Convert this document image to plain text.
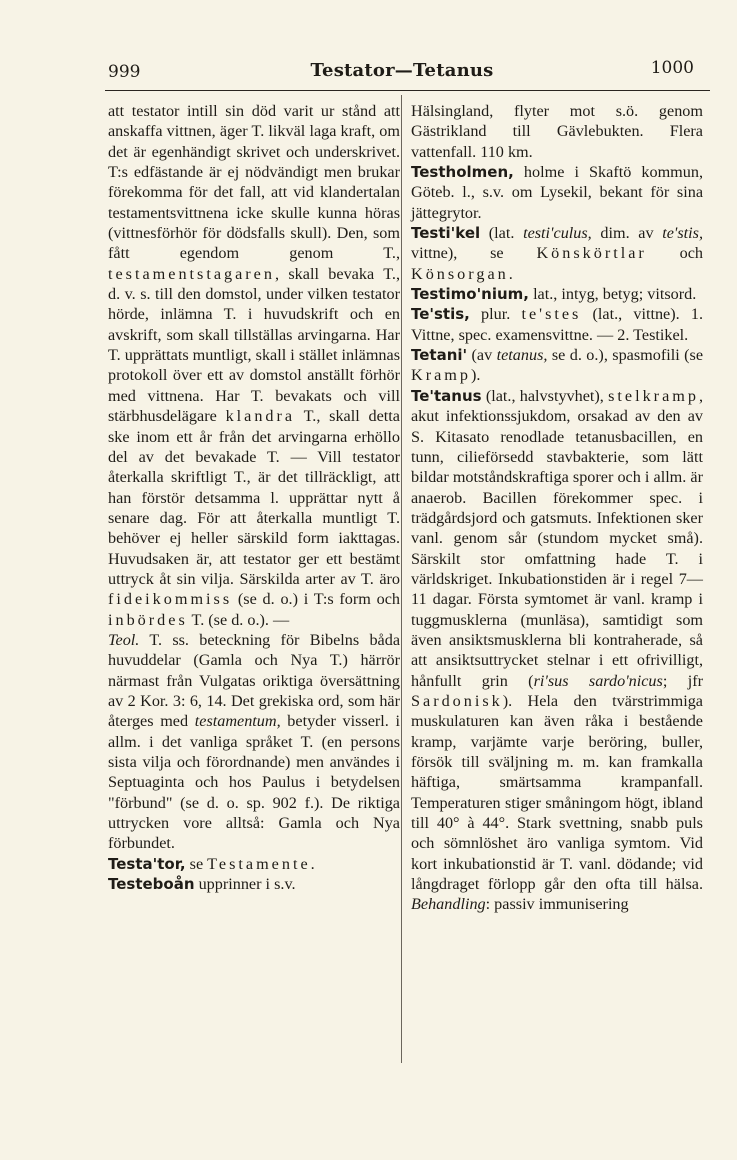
999	Testator—Tetanus	1000

att testator intill sin död varit ur stånd att anskaffa vittnen, äger T. likväl laga kraft, om det är egenhändigt skrivet och underskrivet. T:s edfästande är ej nödvändigt men brukar förekomma för det fall, att vid klandertalan testamentsvittnena icke skulle kunna höras (vittnesförhör för dödsfalls skull). Den, som fått egendom genom T., testamentstagaren, skall bevaka T., d. v. s. till den domstol, under vilken testator hörde, inlämna T. i huvudskrift och en avskrift, som skall tillställas arvingarna. Har T. upprättats muntligt, skall i stället inlämnas protokoll över ett av domstol anställt förhör med vittnena. Har T. bevakats och vill stärbhusdelägare klandra T., skall detta ske inom ett år från det arvingarna erhöllo del av det bevakade T. — Vill testator återkalla skriftligt T., är det tillräckligt, att han förstör detsamma l. upprättar nytt å senare dag. För att återkalla muntligt T. behöver ej heller särskild form iakttagas. Huvudsaken är, att testator ger ett bestämt uttryck åt sin vilja. Särskilda arter av T. äro fideikommiss (se d. o.) i T:s form och inbördes T. (se d. o.). —

Teol. T. ss. beteckning för Bibelns båda huvuddelar (Gamla och Nya T.) härrör närmast från Vulgatas oriktiga översättning av 2 Kor. 3: 6, 14. Det grekiska ord, som här återges med testamentum, betyder visserl. i allm. i det vanliga språket T. (en persons sista vilja och förordnande) men användes i Septuaginta och hos Paulus i betydelsen "förbund" (se d. o. sp. 902 f.). De riktiga uttrycken vore alltså: Gamla och Nya förbundet.

Testa'tor, se Testamente.

Testeboån upprinner i s.v.

Hälsingland, flyter mot s.ö. genom Gästrikland till Gävlebukten. Flera vattenfall. 110 km.

Testholmen, holme i Skaftö kommun, Göteb. l., s.v. om Lysekil, bekant för sina jättegrytor.

Testi'kel (lat. testi'culus, dim. av te'stis, vittne), se Könskörtlar och Könsorgan.

Testimo'nium, lat., intyg, betyg; vitsord.

Te'stis, plur. te'stes (lat., vittne). 1. Vittne, spec. examensvittne. — 2. Testikel.

Tetani' (av tetanus, se d. o.), spasmofili (se Kramp).

Te'tanus (lat., halvstyvhet), stelkramp, akut infektionssjukdom, orsakad av den av S. Kitasato renodlade tetanusbacillen, en tunn, cilieförsedd stavbakterie, som lätt bildar motståndskraftiga sporer och i allm. är anaerob. Bacillen förekommer spec. i trädgårdsjord och gatsmuts. Infektionen sker vanl. genom sår (stundom mycket små). Särskilt stor omfattning hade T. i världskriget. Inkubationstiden är i regel 7—11 dagar. Första symtomet är vanl. kramp i tuggmusklerna (munläsa), samtidigt som även ansiktsmusklerna bli kontraherade, så att ansiktsuttrycket stelnar i ett ofrivilligt, hånfullt grin (ri'sus sardo'nicus; jfr Sardonisk). Hela den tvärstrimmiga muskulaturen kan även råka i bestående kramp, varjämte varje beröring, buller, försök till sväljning m. m. kan framkalla häftiga, smärtsamma krampanfall. Temperaturen stiger småningom högt, ibland till 40° à 44°. Stark svettning, snabb puls och sömnlöshet äro vanliga symtom. Vid kort inkubationstid är T. vanl. dödande; vid långdraget förlopp går den ofta till hälsa. Behandling: passiv immunisering
